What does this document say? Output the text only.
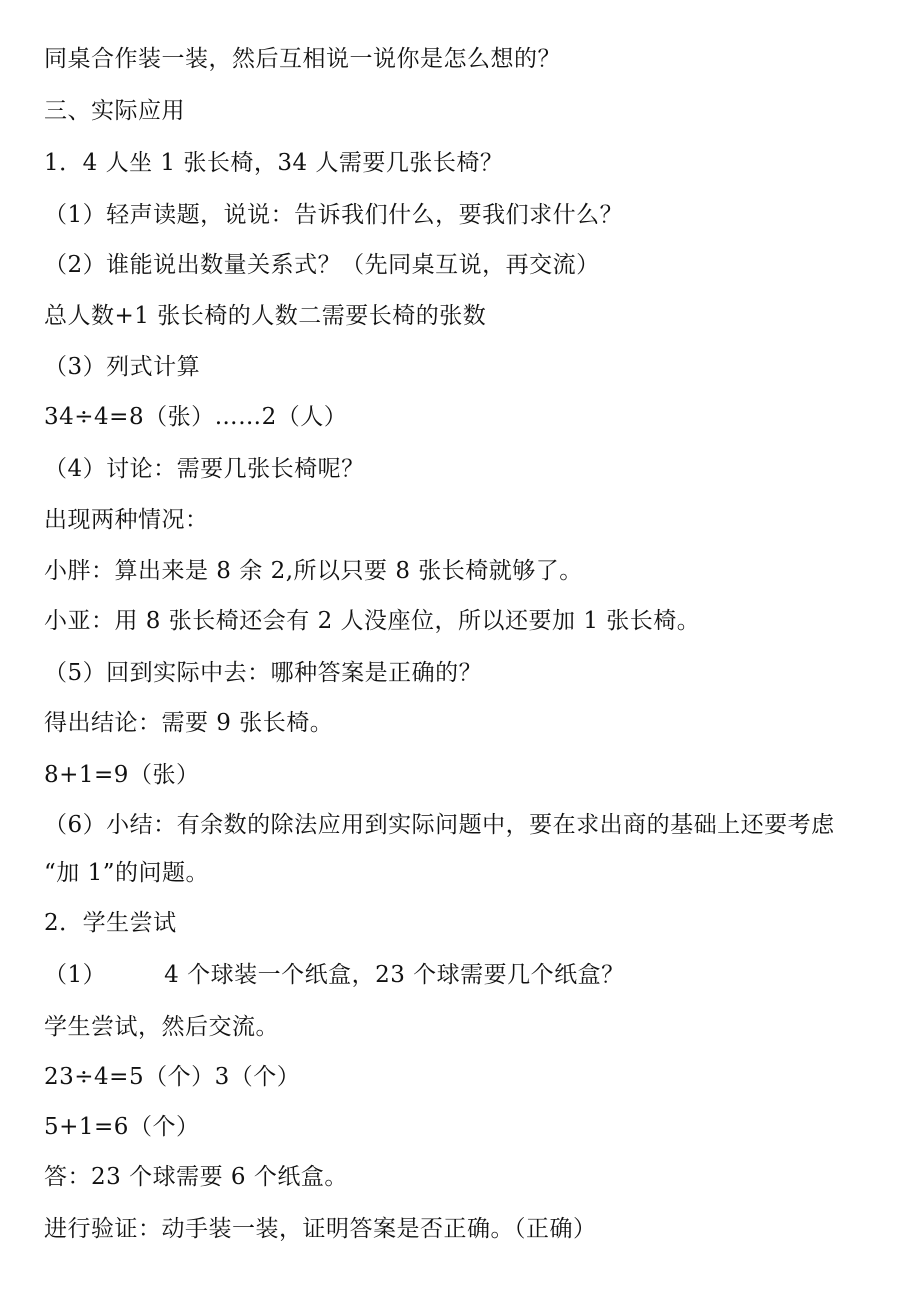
同桌合作装一装，然后互相说一说你是怎么想的？
三、实际应用
1．4 人坐 1 张长椅，34 人需要几张长椅？
（1）轻声读题，说说：告诉我们什么，要我们求什么？
（2）谁能说出数量关系式？（先同桌互说，再交流）
总人数+1 张长椅的人数二需要长椅的张数
（3）列式计算
34÷4=8（张）……2（人）
（4）讨论：需要几张长椅呢？
出现两种情况：
小胖：算出来是 8 余 2,所以只要 8 张长椅就够了。
小亚：用 8 张长椅还会有 2 人没座位，所以还要加 1 张长椅。
（5）回到实际中去：哪种答案是正确的？
得出结论：需要 9 张长椅。
8+1=9（张）
（6）小结：有余数的除法应用到实际问题中，要在求出商的基础上还要考虑
“加 1”的问题。
2．学生尝试
（1）	4 个球装一个纸盒，23 个球需要几个纸盒？
学生尝试，然后交流。
23÷4=5（个）3（个）
5+1=6（个）
答：23 个球需要 6 个纸盒。
进行验证：动手装一装，证明答案是否正确。（正确）
